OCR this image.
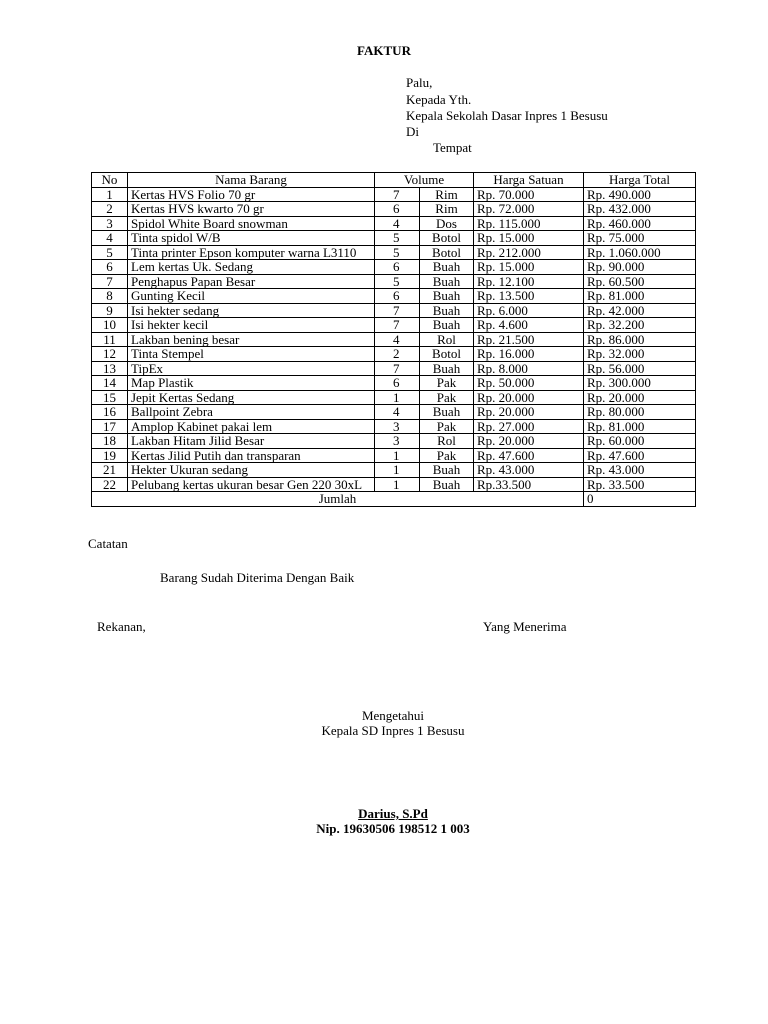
FAKTUR
Palu,
Kepada Yth.
Kepala Sekolah Dasar Inpres 1 Besusu
Di
Tempat
No	Nama Barang	Volume		Harga Satuan	Harga Total
1	Kertas HVS Folio 70 gr	7	Rim	Rp. 70.000	Rp. 490.000
2	Kertas HVS kwarto 70 gr	6	Rim	Rp. 72.000	Rp. 432.000
3	Spidol White Board snowman	4	Dos	Rp. 115.000	Rp. 460.000
4	Tinta spidol W/B	5	Botol	Rp. 15.000	Rp. 75.000
5	Tinta printer Epson komputer warna L3110	5	Botol	Rp. 212.000	Rp. 1.060.000
6	Lem kertas Uk. Sedang	6	Buah	Rp. 15.000	Rp. 90.000
7	Penghapus Papan Besar	5	Buah	Rp. 12.100	Rp. 60.500
8	Gunting Kecil	6	Buah	Rp. 13.500	Rp. 81.000
9	Isi hekter sedang	7	Buah	Rp. 6.000	Rp. 42.000
10	Isi hekter kecil	7	Buah	Rp. 4.600	Rp. 32.200
11	Lakban bening besar	4	Rol	Rp. 21.500	Rp. 86.000
12	Tinta Stempel	2	Botol	Rp. 16.000	Rp. 32.000
13	TipEx	7	Buah	Rp. 8.000	Rp. 56.000
14	Map Plastik	6	Pak	Rp. 50.000	Rp. 300.000
15	Jepit Kertas Sedang	1	Pak	Rp. 20.000	Rp. 20.000
16	Ballpoint Zebra	4	Buah	Rp. 20.000	Rp. 80.000
17	Amplop Kabinet pakai lem	3	Pak	Rp. 27.000	Rp. 81.000
18	Lakban Hitam Jilid Besar	3	Rol	Rp. 20.000	Rp. 60.000
19	Kertas Jilid Putih dan transparan	1	Pak	Rp. 47.600	Rp. 47.600
21	Hekter Ukuran sedang	1	Buah	Rp. 43.000	Rp. 43.000
22	Pelubang kertas ukuran besar Gen 220 30xL	1	Buah	Rp.33.500	Rp. 33.500
Jumlah					0
Catatan
Barang Sudah Diterima Dengan Baik
Rekanan,	Yang Menerima
Mengetahui
Kepala SD Inpres 1 Besusu
Darius, S.Pd
Nip. 19630506 198512 1 003
